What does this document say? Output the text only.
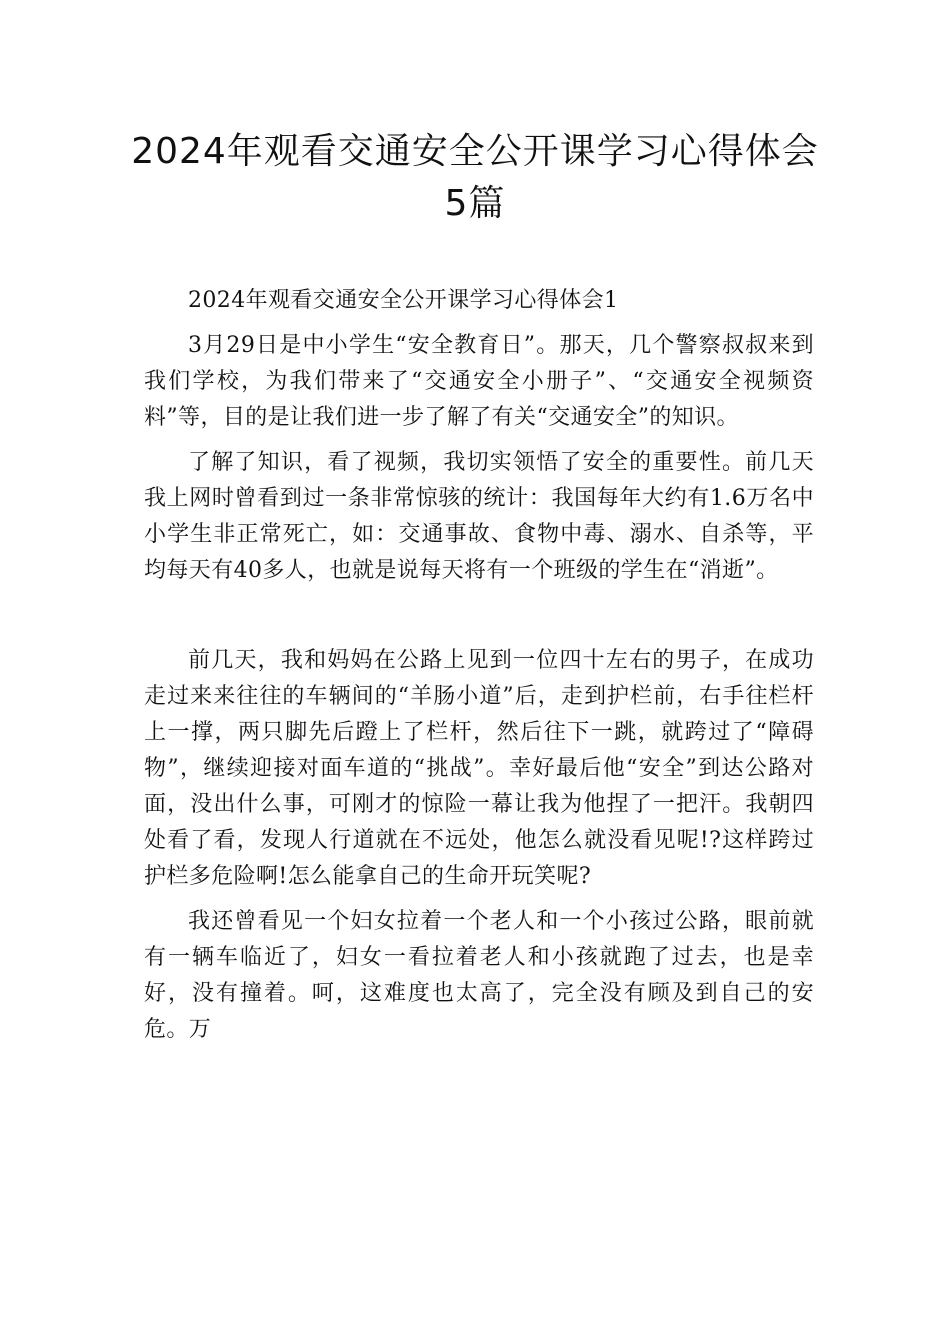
2024年观看交通安全公开课学习心得体会
5篇

2024年观看交通安全公开课学习心得体会1

3月29日是中小学生“安全教育日”。那天，几个警察叔叔来到我们学校，为我们带来了“交通安全小册子”、“交通安全视频资料”等，目的是让我们进一步了解了有关“交通安全”的知识。

了解了知识，看了视频，我切实领悟了安全的重要性。前几天我上网时曾看到过一条非常惊骇的统计：我国每年大约有1.6万名中小学生非正常死亡，如：交通事故、食物中毒、溺水、自杀等，平均每天有40多人，也就是说每天将有一个班级的学生在“消逝”。

前几天，我和妈妈在公路上见到一位四十左右的男子，在成功走过来来往往的车辆间的“羊肠小道”后，走到护栏前，右手往栏杆上一撑，两只脚先后蹬上了栏杆，然后往下一跳，就跨过了“障碍物”，继续迎接对面车道的“挑战”。幸好最后他“安全”到达公路对面，没出什么事，可刚才的惊险一幕让我为他捏了一把汗。我朝四处看了看，发现人行道就在不远处，他怎么就没看见呢!?这样跨过护栏多危险啊!怎么能拿自己的生命开玩笑呢?

我还曾看见一个妇女拉着一个老人和一个小孩过公路，眼前就有一辆车临近了，妇女一看拉着老人和小孩就跑了过去，也是幸好，没有撞着。呵，这难度也太高了，完全没有顾及到自己的安危。万
